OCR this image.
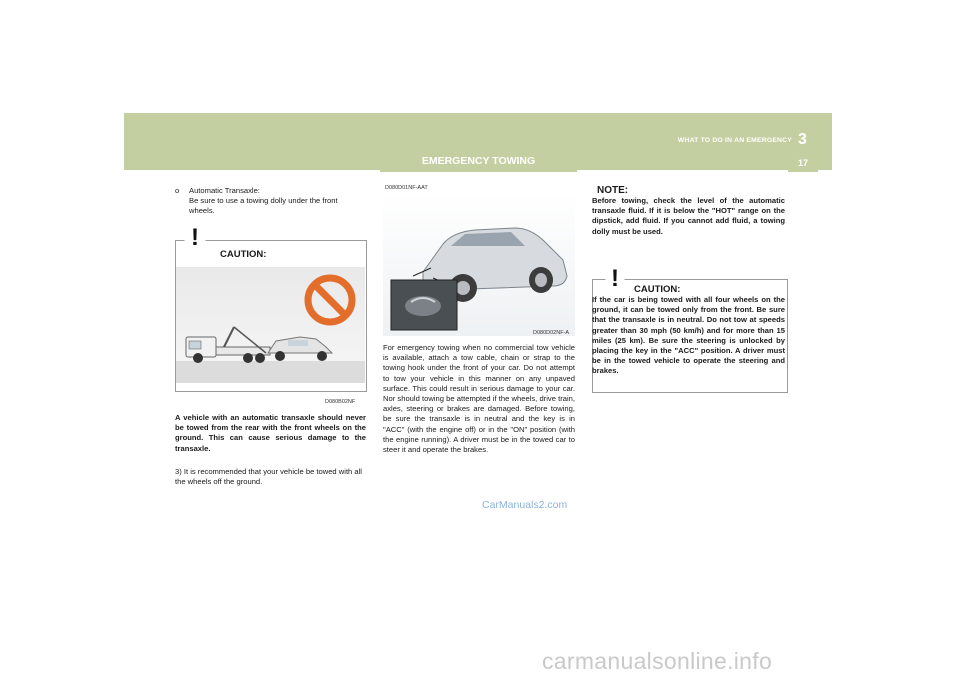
EMERGENCY TOWING
WHAT TO DO IN AN EMERGENCY 3
17
o	Automatic Transaxle:
Be sure to use a towing dolly under the front wheels.
CAUTION:
!
D080B02NF
A vehicle with an automatic transaxle should never be towed from the rear with the front wheels on the ground. This can cause serious damage to the transaxle.
3) It is recommended that your vehicle be towed with all the wheels off the ground.
D080D01NF-AAT
D080D02NF-A
For emergency towing when no commercial tow vehicle is available, attach a tow cable, chain or strap to the towing hook under the front of your car. Do not attempt to tow your vehicle in this manner on any unpaved surface. This could result in serious damage to your car. Nor should towing be attempted if the wheels, drive train, axles, steering or brakes are damaged. Before towing, be sure the transaxle is in neutral and the key is in "ACC" (with the engine off) or in the "ON" position (with the engine running). A driver must be in the towed car to steer it and operate the brakes.
CarManuals2.com
NOTE:
Before towing, check the level of the automatic transaxle fluid. If it is below the "HOT" range on the dipstick, add fluid. If you cannot add fluid, a towing dolly must be used.
! CAUTION:
If the car is being towed with all four wheels on the ground, it can be towed only from the front. Be sure that the transaxle is in neutral. Do not tow at speeds greater than 30 mph (50 km/h) and for more than 15 miles (25 km). Be sure the steering is unlocked by placing the key in the "ACC" position. A driver must be in the towed vehicle to operate the steering and brakes.
carmanualsonline.info
